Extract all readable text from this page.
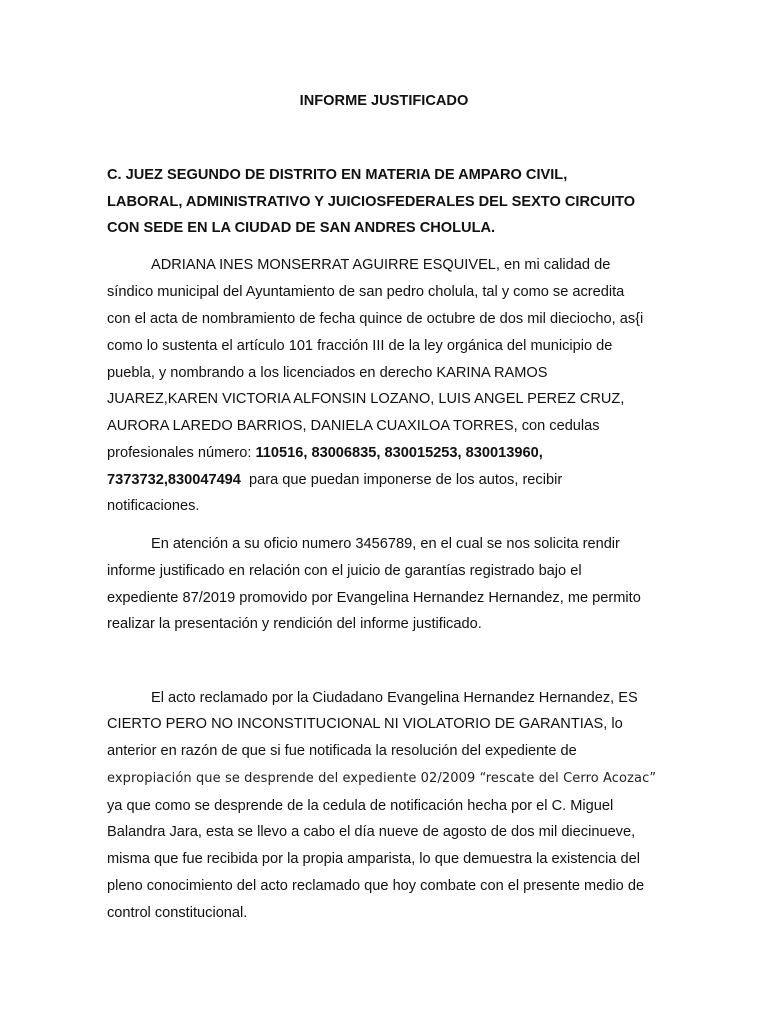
INFORME JUSTIFICADO
C. JUEZ SEGUNDO DE DISTRITO EN MATERIA DE AMPARO CIVIL,
LABORAL, ADMINISTRATIVO Y JUICIOSFEDERALES DEL SEXTO CIRCUITO
CON SEDE EN LA CIUDAD DE SAN ANDRES CHOLULA.
ADRIANA INES MONSERRAT AGUIRRE ESQUIVEL, en mi calidad de
síndico municipal del Ayuntamiento de san pedro cholula, tal y como se acredita
con el acta de nombramiento de fecha quince de octubre de dos mil dieciocho, as{i
como lo sustenta el artículo 101 fracción III de la ley orgánica del municipio de
puebla, y nombrando a los licenciados en derecho KARINA RAMOS
JUAREZ,KAREN VICTORIA ALFONSIN LOZANO, LUIS ANGEL PEREZ CRUZ,
AURORA LAREDO BARRIOS, DANIELA CUAXILOA TORRES, con cedulas
profesionales número: 110516, 83006835, 830015253, 830013960,
7373732,830047494  para que puedan imponerse de los autos, recibir
notificaciones.
En atención a su oficio numero 3456789, en el cual se nos solicita rendir
informe justificado en relación con el juicio de garantías registrado bajo el
expediente 87/2019 promovido por Evangelina Hernandez Hernandez, me permito
realizar la presentación y rendición del informe justificado.
El acto reclamado por la Ciudadano Evangelina Hernandez Hernandez, ES
CIERTO PERO NO INCONSTITUCIONAL NI VIOLATORIO DE GARANTIAS, lo
anterior en razón de que si fue notificada la resolución del expediente de
expropiación que se desprende del expediente 02/2009 “rescate del Cerro Acozac”
ya que como se desprende de la cedula de notificación hecha por el C. Miguel
Balandra Jara, esta se llevo a cabo el día nueve de agosto de dos mil diecinueve,
misma que fue recibida por la propia amparista, lo que demuestra la existencia del
pleno conocimiento del acto reclamado que hoy combate con el presente medio de
control constitucional.
